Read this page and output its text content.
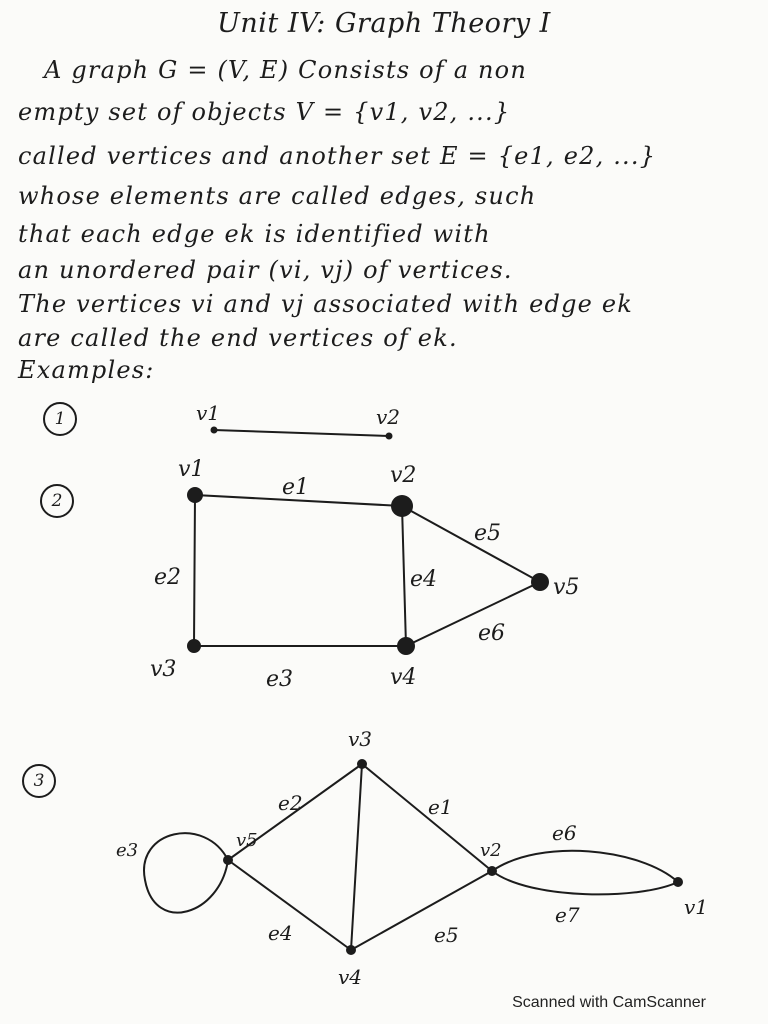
Unit IV: Graph Theory I
A graph G = (V, E) Consists of a non
empty set of objects V = {v1, v2, ...}
called vertices and another set E = {e1, e2, ...}
whose elements are called edges, such
that each edge ek is identified with
an unordered pair (vi, vj) of vertices.
The vertices vi and vj associated with edge ek
are called the end vertices of ek.
Examples:
1
2
3
v1	v2
v1	v2
v3	v4
v5
e1
e2
e3
e4
e5
e6
v3
v5	v2
v1
v4
e2	e1
e6
e3
e4	e5
e7
Scanned with CamScanner
